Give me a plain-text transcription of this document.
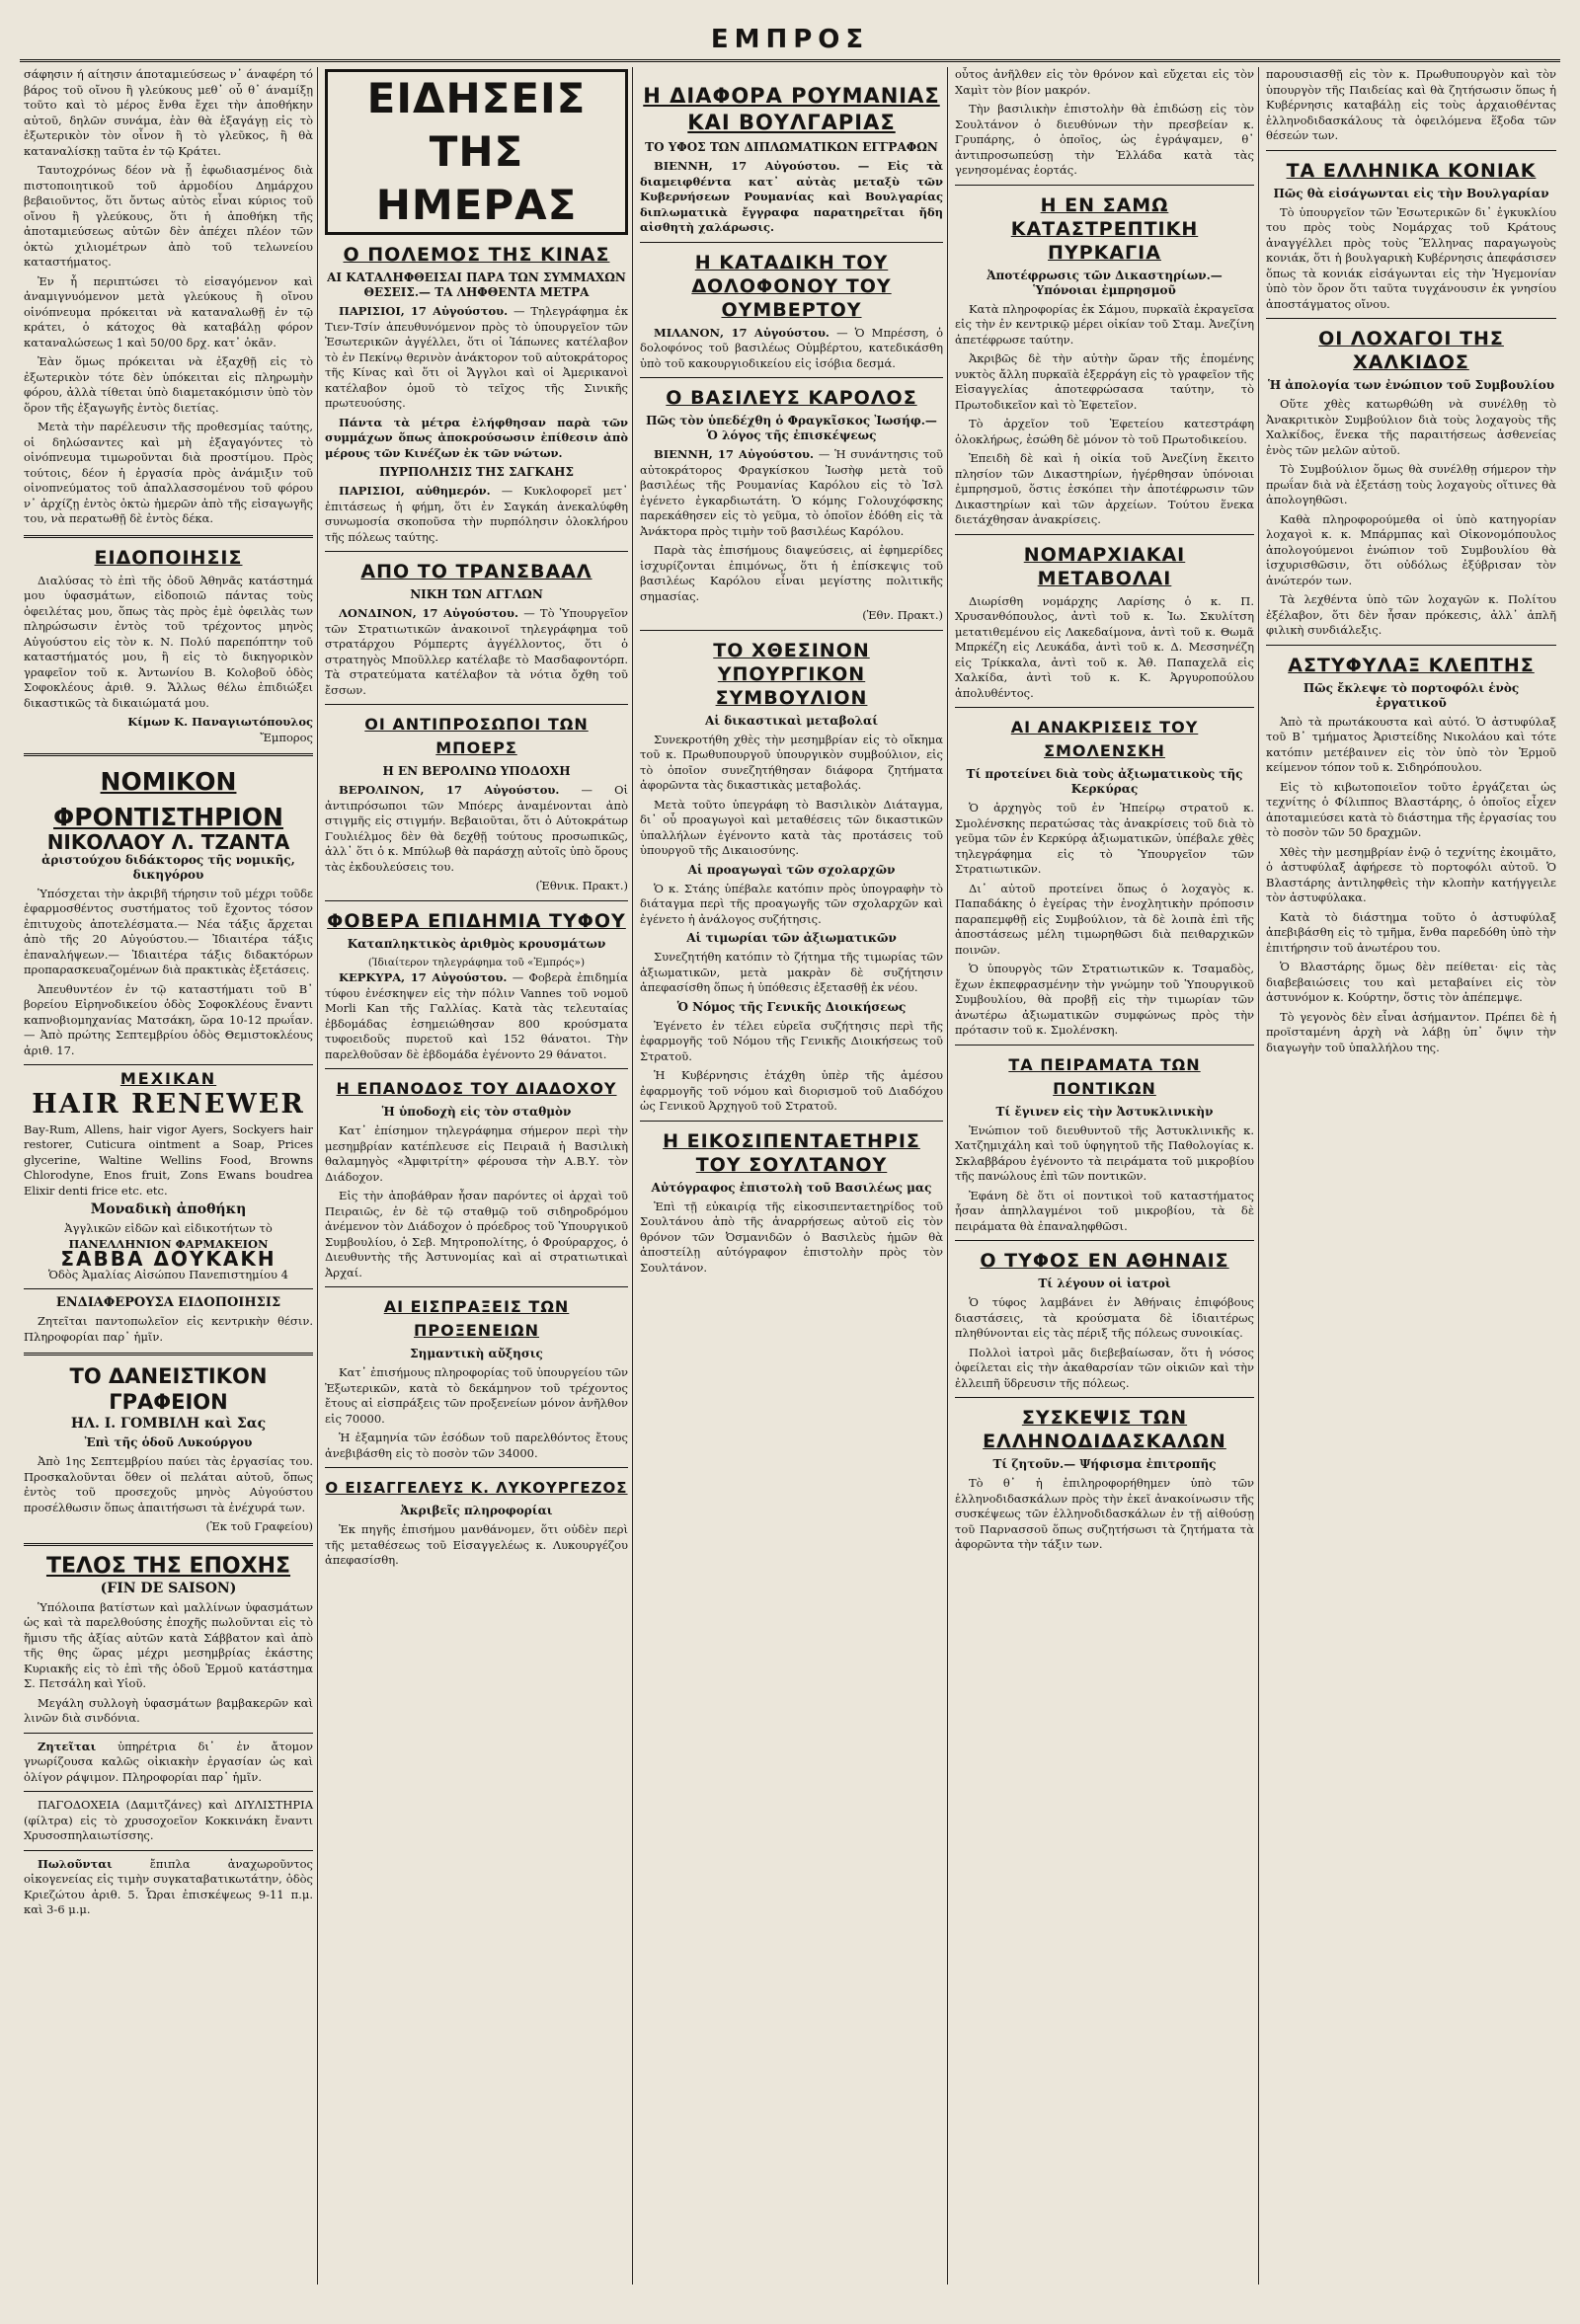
ΕΜΠΡΟΣ

σάφησιν ή αίτησιν άποταμιεύσεως ν᾽ άναφέρη τό βάρος τοῦ οἴνου ἢ γλεύκους μεθ᾽ οὗ θ᾽ άναμίξῃ τοῦτο καὶ τὸ μέρος ἔνθα ἔχει τὴν ἀποθήκην αὐτοῦ, δηλῶν συνάμα, ἐὰν θὰ ἐξαγάγῃ εἰς τὸ ἐξωτερικὸν τὸν οἶνον ἢ τὸ γλεῦκος, ἢ θὰ καταναλίσκῃ ταῦτα ἐν τῷ Κράτει.

Ταυτοχρόνως δέον νὰ ᾖ ἐφωδιασμένος διὰ πιστοποιητικοῦ τοῦ ἁρμοδίου Δημάρχου βεβαιοῦντος, ὅτι ὄντως αὐτὸς εἶναι κύριος τοῦ οἴνου ἢ γλεύκους, ὅτι ἡ ἀποθήκη τῆς ἀποταμιεύσεως αὐτῶν δὲν ἀπέχει πλέον τῶν ὀκτὼ χιλιομέτρων ἀπὸ τοῦ τελωνείου καταστήματος.

Ἐν ἧ περιπτώσει τὸ εἰσαγόμενον καὶ ἀναμιγνυόμενον μετὰ γλεύκους ἢ οἴνου οἰνόπνευμα πρόκειται νὰ καταναλωθῇ ἐν τῷ κράτει, ὁ κάτοχος θὰ καταβάλῃ φόρον καταναλώσεως 1 καὶ 50/00 δρχ. κατ᾽ ὀκᾶν.

Ἐὰν ὅμως πρόκειται νὰ ἐξαχθῇ εἰς τὸ ἐξωτερικὸν τότε δὲν ὑπόκειται εἰς πληρωμὴν φόρου, ἀλλὰ τίθεται ὑπὸ διαμετακόμισιν ὑπὸ τὸν ὅρον τῆς ἐξαγωγῆς ἐντὸς διετίας.

Μετὰ τὴν παρέλευσιν τῆς προθεσμίας ταύτης, οἱ δηλώσαντες καὶ μὴ ἐξαγαγόντες τὸ οἰνόπνευμα τιμωροῦνται διὰ προστίμου. Πρὸς τούτοις, δέον ἡ ἐργασία πρὸς ἀνάμιξιν τοῦ οἰνοπνεύματος τοῦ ἀπαλλασσομένου τοῦ φόρου ν᾽ ἀρχίζῃ ἐντὸς ὀκτὼ ἡμερῶν ἀπὸ τῆς εἰσαγωγῆς του, νὰ περατωθῇ δὲ ἐντὸς δέκα.

ΕΙΔΟΠΟΙΗΣΙΣ

Διαλύσας τὸ ἐπὶ τῆς ὁδοῦ Ἀθηνᾶς κατάστημά μου ὑφασμάτων, εἰδοποιῶ πάντας τοὺς ὀφειλέτας μου, ὅπως τὰς πρὸς ἐμὲ ὀφειλὰς των πληρώσωσιν ἐντὸς τοῦ τρέχοντος μηνὸς Αὐγούστου εἰς τὸν κ. Ν. Πολύ παρεπόπτην τοῦ καταστήματός μου, ἢ εἰς τὸ δικηγορικὸν γραφεῖον τοῦ κ. Ἀντωνίου Β. Κολοβοῦ ὁδὸς Σοφοκλέους ἀριθ. 9. Ἄλλως θέλω ἐπιδιώξει δικαστικῶς τὰ δικαιώματά μου.

Κίμων Κ. Παναγιωτόπουλος
Ἔμπορος
ΝΟΜΙΚΟΝ ΦΡΟΝΤΙΣΤΗΡΙΟΝ
ΝΙΚΟΛΑΟΥ Λ. ΤΖΑΝΤΑ
ἀριστούχου διδάκτορος τῆς νομικῆς, δικηγόρου

Ὑπόσχεται τὴν ἀκριβῆ τήρησιν τοῦ μέχρι τοῦδε ἐφαρμοσθέντος συστήματος τοῦ ἔχοντος τόσον ἐπιτυχοὺς ἀποτελέσματα.— Νέα τάξις ἄρχεται ἀπὸ τῆς 20 Αὐγούστου.— Ἰδιαιτέρα τάξις ἐπαναλήψεων.— Ἰδιαιτέρα τάξις διδακτόρων προπαρασκευαζομένων διὰ πρακτικὰς ἐξετάσεις.

Ἀπευθυντέον ἐν τῷ καταστήματι τοῦ Β᾽ βορείου Εἰρηνοδικείου ὁδὸς Σοφοκλέους ἔναντι καπνοβιομηχανίας Ματσάκη, ὥρα 10-12 πρωΐαν.— Ἀπὸ πρώτης Σεπτεμβρίου ὁδὸς Θεμιστοκλέους ἀριθ. 17.

MEXIKAN
HAIR RENEWER

Bay-Rum, Allens, hair vigor Ayers, Sockyers hair restorer, Cuticura ointment a Soap, Prices glycerine, Waltine Wellins Food, Browns Chlorodyne, Enos fruit, Zons Ewans boudrea Elixir denti frice etc. etc.

Μοναδικὴ ἀποθήκη
Ἀγγλικῶν εἰδῶν καὶ εἰδικοτήτων τὸ
ΠΑΝΕΛΛΗΝΙΟΝ ΦΑΡΜΑΚΕΙΟΝ
ΣΑΒΒΑ ΔΟΥΚΑΚΗ
Ὁδὸς Ἀμαλίας Αἰσώπου Πανεπιστημίου 4
ΕΝΔΙΑΦΕΡΟΥΣΑ ΕΙΔΟΠΟΙΗΣΙΣ

Ζητεῖται παντοπωλεῖον εἰς κεντρικὴν θέσιν. Πληροφορίαι παρ᾽ ἡμῖν.

ΤΟ ΔΑΝΕΙΣΤΙΚΟΝ ΓΡΑΦΕΙΟΝ
ΗΛ. Ι. ΓΟΜΒΙΛΗ καὶ Σας
Ἐπὶ τῆς ὁδοῦ Λυκούργου

Ἀπὸ 1ης Σεπτεμβρίου παύει τὰς ἐργασίας του. Προσκαλοῦνται ὅθεν οἱ πελάται αὐτοῦ, ὅπως ἐντὸς τοῦ προσεχοῦς μηνὸς Αὐγούστου προσέλθωσιν ὅπως ἀπαιτήσωσι τὰ ἐνέχυρά των.

(Ἐκ τοῦ Γραφείου)
ΤΕΛΟΣ ΤΗΣ ΕΠΟΧΗΣ
(FIN DE SAISON)

Ὑπόλοιπα βατίστων καὶ μαλλίνων ὑφασμάτων ὡς καὶ τὰ παρελθούσης ἐποχῆς πωλοῦνται εἰς τὸ ἥμισυ τῆς ἀξίας αὐτῶν κατὰ Σάββατον καὶ ἀπὸ τῆς θης ὥρας μέχρι μεσημβρίας ἑκάστης Κυριακῆς εἰς τὸ ἐπὶ τῆς ὁδοῦ Ἑρμοῦ κατάστημα Σ. Πετσάλη καὶ Υἱοῦ.

Μεγάλη συλλογὴ ὑφασμάτων βαμβακερῶν καὶ λινῶν διὰ σινδόνια.

Ζητεῖται ὑπηρέτρια δι᾽ ἐν ἄτομον γνωρίζουσα καλῶς οἰκιακὴν ἐργασίαν ὡς καὶ ὀλίγον ράψιμον. Πληροφορίαι παρ᾽ ἡμῖν.

ΠΑΓΟΔΟΧΕΙΑ (Δαμιτζάνες) καὶ ΔΙΥΛΙΣΤΗΡΙΑ (φίλτρα) εἰς τὸ χρυσοχοεῖον Κοκκινάκη ἔναντι Χρυσοσπηλαιωτίσσης.

Πωλοῦνται	ἔπιπλα ἀναχωροῦντος οἰκογενείας εἰς τιμὴν συγκαταβατικωτάτην, ὁδὸς Κριεζώτου ἀριθ. 5. Ὧραι ἐπισκέψεως 9-11 π.μ. καὶ 3-6 μ.μ.

ΕΙΔΗΣΕΙΣ ΤΗΣ ΗΜΕΡΑΣ
Ο ΠΟΛΕΜΟΣ ΤΗΣ ΚΙΝΑΣ
ΑΙ ΚΑΤΑΛΗΦΘΕΙΣΑΙ ΠΑΡΑ ΤΩΝ ΣΥΜΜΑΧΩΝ ΘΕΣΕΙΣ.— ΤΑ ΛΗΦΘΕΝΤΑ ΜΕΤΡΑ

ΠΑΡΙΣΙΟΙ, 17 Αὐγούστου. — Τηλεγράφημα ἐκ Τιεν-Τσίν ἀπευθυνόμενον πρὸς τὸ ὑπουργεῖον τῶν Ἐσωτερικῶν ἀγγέλλει, ὅτι οἱ Ἰάπωνες κατέλαβον τὸ ἐν Πεκίνῳ θερινὸν ἀνάκτορον τοῦ αὐτοκράτορος τῆς Κίνας καὶ ὅτι οἱ Ἄγγλοι καὶ οἱ Ἀμερικανοὶ κατέλαβον ὁμοῦ τὸ τεῖχος τῆς Σινικῆς πρωτευούσης.

Πάντα τὰ μέτρα ἐλήφθησαν παρὰ τῶν συμμάχων ὅπως ἀποκρούσωσιν ἐπίθεσιν ἀπὸ μέρους τῶν Κινέζων ἐκ τῶν νώτων.

ΠΥΡΠΟΛΗΣΙΣ ΤΗΣ ΣΑΓΚΑΗΣ

ΠΑΡΙΣΙΟΙ, αὐθημερόν. — Κυκλοφορεῖ μετ᾽ ἐπιτάσεως ἡ φήμη, ὅτι ἐν Σαγκάη ἀνεκαλύφθη συνωμοσία σκοποῦσα τὴν πυρπόλησιν ὁλοκλήρου τῆς πόλεως ταύτης.

ΑΠΟ ΤΟ ΤΡΑΝΣΒΑΑΛ
ΝΙΚΗ ΤΩΝ ΑΓΓΛΩΝ

ΛΟΝΔΙΝΟΝ, 17 Αὐγούστου. — Τὸ Ὑπουργεῖον τῶν Στρατιωτικῶν ἀνακοινοῖ τηλεγράφημα τοῦ στρατάρχου Ρόμπερτς ἀγγέλλοντος, ὅτι ὁ στρατηγὸς Μποῦλλερ κατέλαβε τὸ Μασδαφοντόρπ. Τὰ στρατεύματα κατέλαβον τὰ νότια ὄχθη τοῦ ἔσσων.

ΟΙ ΑΝΤΙΠΡΟΣΩΠΟΙ ΤΩΝ ΜΠΟΕΡΣ
Η ΕΝ ΒΕΡΟΛΙΝΩ ΥΠΟΔΟΧΗ

ΒΕΡΟΛΙΝΟΝ, 17 Αὐγούστου. — Οἱ ἀντιπρόσωποι τῶν Μπόερς ἀναμένονται ἀπὸ στιγμῆς εἰς στιγμήν. Βεβαιοῦται, ὅτι ὁ Αὐτοκράτωρ Γουλιέλμος δὲν θὰ δεχθῇ τούτους προσωπικῶς, ἀλλ᾽ ὅτι ὁ κ. Μπύλωβ θὰ παράσχῃ αὐτοῖς ὑπὸ ὅρους τὰς ἐκδουλεύσεις του.

(Ἐθνικ. Πρακτ.)
ΦΟΒΕΡΑ ΕΠΙΔΗΜΙΑ ΤΥΦΟΥ
Καταπληκτικὸς ἀριθμὸς κρουσμάτων
(Ἰδιαίτερον τηλεγράφημα τοῦ «Ἐμπρός»)

ΚΕΡΚΥΡΑ, 17 Αὐγούστου. — Φοβερὰ ἐπιδημία τύφου ἐνέσκηψεν εἰς τὴν πόλιν Vannes τοῦ νομοῦ Morli Kan τῆς Γαλλίας. Κατὰ τὰς τελευταίας ἑβδομάδας ἐσημειώθησαν 800 κρούσματα τυφοειδοῦς πυρετοῦ καὶ 152 θάνατοι. Τὴν παρελθοῦσαν δὲ ἑβδομάδα ἐγένοντο 29 θάνατοι.

Η ΕΠΑΝΟΔΟΣ ΤΟΥ ΔΙΑΔΟΧΟΥ
Ἡ ὑποδοχὴ εἰς τὸν σταθμὸν

Κατ᾽ ἐπίσημον τηλεγράφημα σήμερον περὶ τὴν μεσημβρίαν κατέπλευσε εἰς Πειραιᾶ ἡ Βασιλικὴ θαλαμηγὸς «Ἀμφιτρίτη» φέρουσα τὴν Α.Β.Υ. τὸν Διάδοχον.

Εἰς τὴν ἀποβάθραν ἦσαν παρόντες οἱ ἀρχαὶ τοῦ Πειραιῶς, ἐν δὲ τῷ σταθμῷ τοῦ σιδηροδρόμου ἀνέμενον τὸν Διάδοχον ὁ πρόεδρος τοῦ Ὑπουργικοῦ Συμβουλίου, ὁ Σεβ. Μητροπολίτης, ὁ Φρούραρχος, ὁ Διευθυντὴς τῆς Ἀστυνομίας καὶ αἱ στρατιωτικαὶ Ἀρχαί.

ΑΙ ΕΙΣΠΡΑΞΕΙΣ ΤΩΝ ΠΡΟΞΕΝΕΙΩΝ
Σημαντικὴ αὔξησις

Κατ᾽ ἐπισήμους πληροφορίας τοῦ ὑπουργείου τῶν Ἐξωτερικῶν, κατὰ τὸ δεκάμηνον τοῦ τρέχοντος ἔτους αἱ εἰσπράξεις τῶν προξενείων μόνον ἀνῆλθον εἰς 70000.

Ἡ ἐξαμηνία τῶν ἐσόδων τοῦ παρελθόντος ἔτους ἀνεβιβάσθη εἰς τὸ ποσὸν τῶν 34000.

Ο ΕΙΣΑΓΓΕΛΕΥΣ Κ. ΛΥΚΟΥΡΓΕΖΟΣ
Ἀκριβεῖς πληροφορίαι

Ἐκ πηγῆς ἐπισήμου μανθάνομεν, ὅτι οὐδὲν περὶ τῆς μεταθέσεως τοῦ Εἰσαγγελέως κ. Λυκουργέζου ἀπεφασίσθη.

Η ΔΙΑΦΟΡΑ ΡΟΥΜΑΝΙΑΣ ΚΑΙ ΒΟΥΛΓΑΡΙΑΣ
ΤΟ ΥΦΟΣ ΤΩΝ ΔΙΠΛΩΜΑΤΙΚΩΝ ΕΓΓΡΑΦΩΝ

ΒΙΕΝΝΗ, 17 Αὐγούστου. — Εἰς τὰ διαμειφθέντα κατ᾽ αὐτὰς μεταξὺ τῶν Κυβερνήσεων Ρουμανίας καὶ Βουλγαρίας διπλωματικὰ ἔγγραφα παρατηρεῖται ἤδη αἰσθητὴ χαλάρωσις.

Η ΚΑΤΑΔΙΚΗ ΤΟΥ ΔΟΛΟΦΟΝΟΥ ΤΟΥ ΟΥΜΒΕΡΤΟΥ

ΜΙΛΑΝΟΝ, 17 Αὐγούστου. — Ὁ Μπρέσση, ὁ δολοφόνος τοῦ βασιλέως Οὐμβέρτου, κατεδικάσθη ὑπὸ τοῦ κακουργιοδικείου εἰς ἰσόβια δεσμά.

Ο ΒΑΣΙΛΕΥΣ ΚΑΡΟΛΟΣ
Πῶς τὸν ὑπεδέχθη ὁ Φραγκῖσκος Ἰωσήφ.— Ὁ λόγος τῆς ἐπισκέψεως

ΒΙΕΝΝΗ, 17 Αὐγούστου. — Ἡ συνάντησις τοῦ αὐτοκράτορος Φραγκίσκου Ἰωσὴφ μετὰ τοῦ βασιλέως τῆς Ρουμανίας Καρόλου εἰς τὸ Ἰσλ ἐγένετο ἐγκαρδιωτάτη. Ὁ κόμης Γολουχόφσκης παρεκάθησεν εἰς τὸ γεῦμα, τὸ ὁποῖον ἐδόθη εἰς τὰ Ἀνάκτορα πρὸς τιμὴν τοῦ βασιλέως Καρόλου.

Παρὰ τὰς ἐπισήμους διαψεύσεις, αἱ ἐφημερίδες ἰσχυρίζονται ἐπιμόνως, ὅτι ἡ ἐπίσκεψις τοῦ βασιλέως Καρόλου εἶναι μεγίστης πολιτικῆς σημασίας.

(Ἐθν. Πρακτ.)
ΤΟ ΧΘΕΣΙΝΟΝ ΥΠΟΥΡΓΙΚΟΝ ΣΥΜΒΟΥΛΙΟΝ
Αἱ δικαστικαὶ μεταβολαί

Συνεκροτήθη χθὲς τὴν μεσημβρίαν εἰς τὸ οἴκημα τοῦ κ. Πρωθυπουργοῦ ὑπουργικὸν συμβούλιον, εἰς τὸ ὁποῖον συνεζητήθησαν διάφορα ζητήματα ἀφορῶντα τὰς δικαστικὰς μεταβολάς.

Μετὰ τοῦτο ὑπεγράφη τὸ Βασιλικὸν Διάταγμα, δι᾽ οὗ προαγωγοὶ καὶ μεταθέσεις τῶν δικαστικῶν ὑπαλλήλων ἐγένοντο κατὰ τὰς προτάσεις τοῦ ὑπουργοῦ τῆς Δικαιοσύνης.

Αἱ προαγωγαὶ τῶν σχολαρχῶν

Ὁ κ. Στάης ὑπέβαλε κατόπιν πρὸς ὑπογραφὴν τὸ διάταγμα περὶ τῆς προαγωγῆς τῶν σχολαρχῶν καὶ ἐγένετο ἡ ἀνάλογος συζήτησις.

Αἱ τιμωρίαι τῶν ἀξιωματικῶν

Συνεζητήθη κατόπιν τὸ ζήτημα τῆς τιμωρίας τῶν ἀξιωματικῶν, μετὰ μακρὰν δὲ συζήτησιν ἀπεφασίσθη ὅπως ἡ ὑπόθεσις ἐξετασθῇ ἐκ νέου.

Ὁ Νόμος τῆς Γενικῆς Διοικήσεως

Ἐγένετο ἐν τέλει εὐρεῖα συζήτησις περὶ τῆς ἐφαρμογῆς τοῦ Νόμου τῆς Γενικῆς Διοικήσεως τοῦ Στρατοῦ.

Ἡ Κυβέρνησις ἐτάχθη ὑπὲρ τῆς ἀμέσου ἐφαρμογῆς τοῦ νόμου καὶ διορισμοῦ τοῦ Διαδόχου ὡς Γενικοῦ Ἀρχηγοῦ τοῦ Στρατοῦ.

Η ΕΙΚΟΣΙΠΕΝΤΑΕΤΗΡΙΣ ΤΟΥ ΣΟΥΛΤΑΝΟΥ
Αὐτόγραφος ἐπιστολὴ τοῦ Βασιλέως μας

Ἐπὶ τῇ εὐκαιρίᾳ τῆς εἰκοσιπενταετηρίδος τοῦ Σουλτάνου ἀπὸ τῆς ἀναρρήσεως αὐτοῦ εἰς τὸν θρόνον τῶν Ὀσμανιδῶν ὁ Βασιλεὺς ἡμῶν θὰ ἀποστείλῃ αὐτόγραφον ἐπιστολὴν πρὸς τὸν Σουλτάνον.

οὗτος ἀνῆλθεν εἰς τὸν θρόνον καὶ εὔχεται εἰς τὸν Χαμὶτ τὸν βίον μακρόν.

Τὴν βασιλικὴν ἐπιστολὴν θὰ ἐπιδώσῃ εἰς τὸν Σουλτάνον ὁ διευθύνων τὴν πρεσβείαν κ. Γρυπάρης, ὁ ὁποῖος, ὡς ἐγράψαμεν, θ᾽ ἀντιπροσωπεύσῃ τὴν Ἑλλάδα κατὰ τὰς γενησομένας ἑορτάς.

Η ΕΝ ΣΑΜΩ ΚΑΤΑΣΤΡΕΠΤΙΚΗ ΠΥΡΚΑΓΙΑ
Ἀποτέφρωσις τῶν Δικαστηρίων.— Ὑπόνοιαι ἐμπρησμοῦ

Κατὰ πληροφορίας ἐκ Σάμου, πυρκαϊὰ ἐκραγεῖσα εἰς τὴν ἐν κεντρικῷ μέρει οἰκίαν τοῦ Σταμ. Ἀνεζίνη ἀπετέφρωσε ταύτην.

Ἀκριβῶς δὲ τὴν αὐτὴν ὥραν τῆς ἐπομένης νυκτὸς ἄλλη πυρκαϊὰ ἐξερράγη εἰς τὸ γραφεῖον τῆς Εἰσαγγελίας ἀποτεφρώσασα ταύτην, τὸ Πρωτοδικεῖον καὶ τὸ Ἐφετεῖον.

Τὸ ἀρχεῖον τοῦ Ἐφετείου κατεστράφη ὁλοκλήρως, ἐσώθη δὲ μόνον τὸ τοῦ Πρωτοδικείου.

Ἐπειδὴ δὲ καὶ ἡ οἰκία τοῦ Ἀνεζίνη ἔκειτο πλησίον τῶν Δικαστηρίων, ἠγέρθησαν ὑπόνοιαι ἐμπρησμοῦ, ὅστις ἐσκόπει τὴν ἀποτέφρωσιν τῶν Δικαστηρίων καὶ τῶν ἀρχείων. Τούτου ἕνεκα διετάχθησαν ἀνακρίσεις.

ΝΟΜΑΡΧΙΑΚΑΙ ΜΕΤΑΒΟΛΑΙ

Διωρίσθη νομάρχης Λαρίσης ὁ κ. Π. Χρυσανθόπουλος, ἀντὶ τοῦ κ. Ἰω. Σκυλίτση μετατιθεμένου εἰς Λακεδαίμονα, ἀντὶ τοῦ κ. Θωμᾶ Μπρκέζη εἰς Λευκάδα, ἀντὶ τοῦ κ. Δ. Μεσσηνέζη εἰς Τρίκκαλα, ἀντὶ τοῦ κ. Ἀθ. Παπαχελᾶ εἰς Χαλκίδα, ἀντὶ τοῦ κ. Κ. Ἀργυροπούλου ἀπολυθέντος.

ΑΙ ΑΝΑΚΡΙΣΕΙΣ ΤΟΥ ΣΜΟΛΕΝΣΚΗ
Τί προτείνει διὰ τοὺς ἀξιωματικοὺς τῆς Κερκύρας

Ὁ ἀρχηγὸς τοῦ ἐν Ἠπείρῳ στρατοῦ κ. Σμολένσκης περατώσας τὰς ἀνακρίσεις τοῦ διὰ τὸ γεῦμα τῶν ἐν Κερκύρᾳ ἀξιωματικῶν, ὑπέβαλε χθὲς τηλεγράφημα εἰς τὸ Ὑπουργεῖον τῶν Στρατιωτικῶν.

Δι᾽ αὐτοῦ προτείνει ὅπως ὁ λοχαγὸς κ. Παπαδάκης ὁ ἐγείρας τὴν ἐνοχλητικὴν πρόποσιν παραπεμφθῇ εἰς Συμβούλιον, τὰ δὲ λοιπὰ ἐπὶ τῆς ἀποστάσεως μέλη τιμωρηθῶσι διὰ πειθαρχικῶν ποινῶν.

Ὁ ὑπουργὸς τῶν Στρατιωτικῶν κ. Τσαμαδὸς, ἔχων ἐκπεφρασμένην τὴν γνώμην τοῦ Ὑπουργικοῦ Συμβουλίου, θὰ προβῇ εἰς τὴν τιμωρίαν τῶν ἀνωτέρω ἀξιωματικῶν συμφώνως πρὸς τὴν πρότασιν τοῦ κ. Σμολένσκη.

ΤΑ ΠΕΙΡΑΜΑΤΑ ΤΩΝ ΠΟΝΤΙΚΩΝ
Τί ἔγινεν εἰς τὴν Ἀστυκλινικὴν

Ἐνώπιον τοῦ διευθυντοῦ τῆς Ἀστυκλινικῆς κ. Χατζημιχάλη καὶ τοῦ ὑφηγητοῦ τῆς Παθολογίας κ. Σκλαββάρου ἐγένοντο τὰ πειράματα τοῦ μικροβίου τῆς πανώλους ἐπὶ τῶν ποντικῶν.

Ἐφάνη δὲ ὅτι οἱ ποντικοὶ τοῦ καταστήματος ἦσαν ἀπηλλαγμένοι τοῦ μικροβίου, τὰ δὲ πειράματα θὰ ἐπαναληφθῶσι.

Ο ΤΥΦΟΣ ΕΝ ΑΘΗΝΑΙΣ
Τί λέγουν οἱ ἰατροὶ

Ὁ τύφος λαμβάνει ἐν Ἀθήναις ἐπιφόβους διαστάσεις, τὰ κρούσματα δὲ ἰδιαιτέρως πληθύνονται εἰς τὰς πέριξ τῆς πόλεως συνοικίας.

Πολλοὶ ἰατροὶ μᾶς διεβεβαίωσαν, ὅτι ἡ νόσος ὀφείλεται εἰς τὴν ἀκαθαρσίαν τῶν οἰκιῶν καὶ τὴν ἐλλειπῆ ὕδρευσιν τῆς πόλεως.

ΣΥΣΚΕΨΙΣ ΤΩΝ ΕΛΛΗΝΟΔΙΔΑΣΚΑΛΩΝ
Τί ζητοῦν.— Ψήφισμα ἐπιτροπῆς

Τὸ θ᾽ ἡ ἐπιληροφορήθημεν ὑπὸ τῶν ἑλληνοδιδασκάλων πρὸς τὴν ἐκεῖ ἀνακοίνωσιν τῆς συσκέψεως τῶν ἑλληνοδιδασκάλων ἐν τῇ αἰθούσῃ τοῦ Παρνασσοῦ ὅπως συζητήσωσι τὰ ζητήματα τὰ ἀφορῶντα τὴν τάξιν των.

παρουσιασθῇ εἰς τὸν κ. Πρωθυπουργὸν καὶ τὸν ὑπουργὸν τῆς Παιδείας καὶ θὰ ζητήσωσιν ὅπως ἡ Κυβέρνησις καταβάλῃ εἰς τοὺς ἀρχαιοθέντας ἑλληνοδιδασκάλους τὰ ὀφειλόμενα ἕξοδα τῶν θέσεών των.

ΤΑ ΕΛΛΗΝΙΚΑ ΚΟΝΙΑΚ
Πῶς θὰ εἰσάγωνται εἰς τὴν Βουλγαρίαν

Τὸ ὑπουργεῖον τῶν Ἐσωτερικῶν δι᾽ ἐγκυκλίου του πρὸς τοὺς Νομάρχας τοῦ Κράτους ἀναγγέλλει πρὸς τοὺς Ἕλληνας παραγωγοὺς κονιάκ, ὅτι ἡ βουλγαρικὴ Κυβέρνησις ἀπεφάσισεν ὅπως τὰ κονιάκ εἰσάγωνται εἰς τὴν Ἡγεμονίαν ὑπὸ τὸν ὅρον ὅτι ταῦτα τυγχάνουσιν ἐκ γνησίου ἀποστάγματος οἴνου.

ΟΙ ΛΟΧΑΓΟΙ ΤΗΣ ΧΑΛΚΙΔΟΣ
Ἡ ἀπολογία των ἐνώπιον τοῦ Συμβουλίου

Οὕτε χθὲς κατωρθώθη νὰ συνέλθῃ τὸ Ἀνακριτικὸν Συμβούλιον διὰ τοὺς λοχαγοὺς τῆς Χαλκίδος, ἕνεκα τῆς παραιτήσεως ἀσθενείας ἑνὸς τῶν μελῶν αὐτοῦ.

Τὸ Συμβούλιον ὅμως θὰ συνέλθῃ σήμερον τὴν πρωΐαν διὰ νὰ ἐξετάσῃ τοὺς λοχαγοὺς οἵτινες θὰ ἀπολογηθῶσι.

Καθὰ πληροφορούμεθα οἱ ὑπὸ κατηγορίαν λοχαγοὶ κ. κ. Μπάρμπας καὶ Οἰκονομόπουλος ἀπολογούμενοι ἐνώπιον τοῦ Συμβουλίου θὰ ἰσχυρισθῶσιν, ὅτι οὐδόλως ἐξύβρισαν τὸν ἀνώτερόν των.

Τὰ λεχθέντα ὑπὸ τῶν λοχαγῶν κ. Πολίτου ἐξέλαβον, ὅτι δὲν ἦσαν πρόκεσις, ἀλλ᾽ ἁπλῆ φιλικὴ συνδιάλεξις.

ΑΣΤΥΦΥΛΑΞ ΚΛΕΠΤΗΣ
Πῶς ἔκλεψε τὸ πορτοφόλι ἑνὸς ἐργατικοῦ

Ἀπὸ τὰ πρωτάκουστα καὶ αὐτό. Ὁ ἀστυφύλαξ τοῦ Β᾽ τμήματος Ἀριστείδης Νικολάου καὶ τότε κατόπιν μετέβαινεν εἰς τὸν ὑπὸ τὸν Ἑρμοῦ κείμενον τόπον τοῦ κ. Σιδηρόπουλου.

Εἰς τὸ κιβωτοποιεῖον τοῦτο ἐργάζεται ὡς τεχνίτης ὁ Φίλιππος Βλαστάρης, ὁ ὁποῖος εἶχεν ἀποταμιεύσει κατὰ τὸ διάστημα τῆς ἐργασίας του τὸ ποσὸν τῶν 50 δραχμῶν.

Χθὲς τὴν μεσημβρίαν ἐνῷ ὁ τεχνίτης ἐκοιμᾶτο, ὁ ἀστυφύλαξ ἀφήρεσε τὸ πορτοφόλι αὐτοῦ. Ὁ Βλαστάρης ἀντιληφθεὶς τὴν κλοπὴν κατήγγειλε τὸν ἀστυφύλακα.

Κατὰ τὸ διάστημα τοῦτο ὁ ἀστυφύλαξ ἀπεβιβάσθη εἰς τὸ τμῆμα, ἔνθα παρεδόθη ὑπὸ τὴν ἐπιτήρησιν τοῦ ἀνωτέρου του.

Ὁ Βλαστάρης ὅμως δὲν πείθεται· εἰς τὰς διαβεβαιώσεις του καὶ μεταβαίνει εἰς τὸν ἀστυνόμον κ. Κούρτην, ὅστις τὸν ἀπέπεμψε.

Τὸ γεγονὸς δὲν εἶναι ἀσήμαντον. Πρέπει δὲ ἡ προϊσταμένη ἀρχὴ νὰ λάβῃ ὑπ᾽ ὄψιν τὴν διαγωγὴν τοῦ ὑπαλλήλου της.
